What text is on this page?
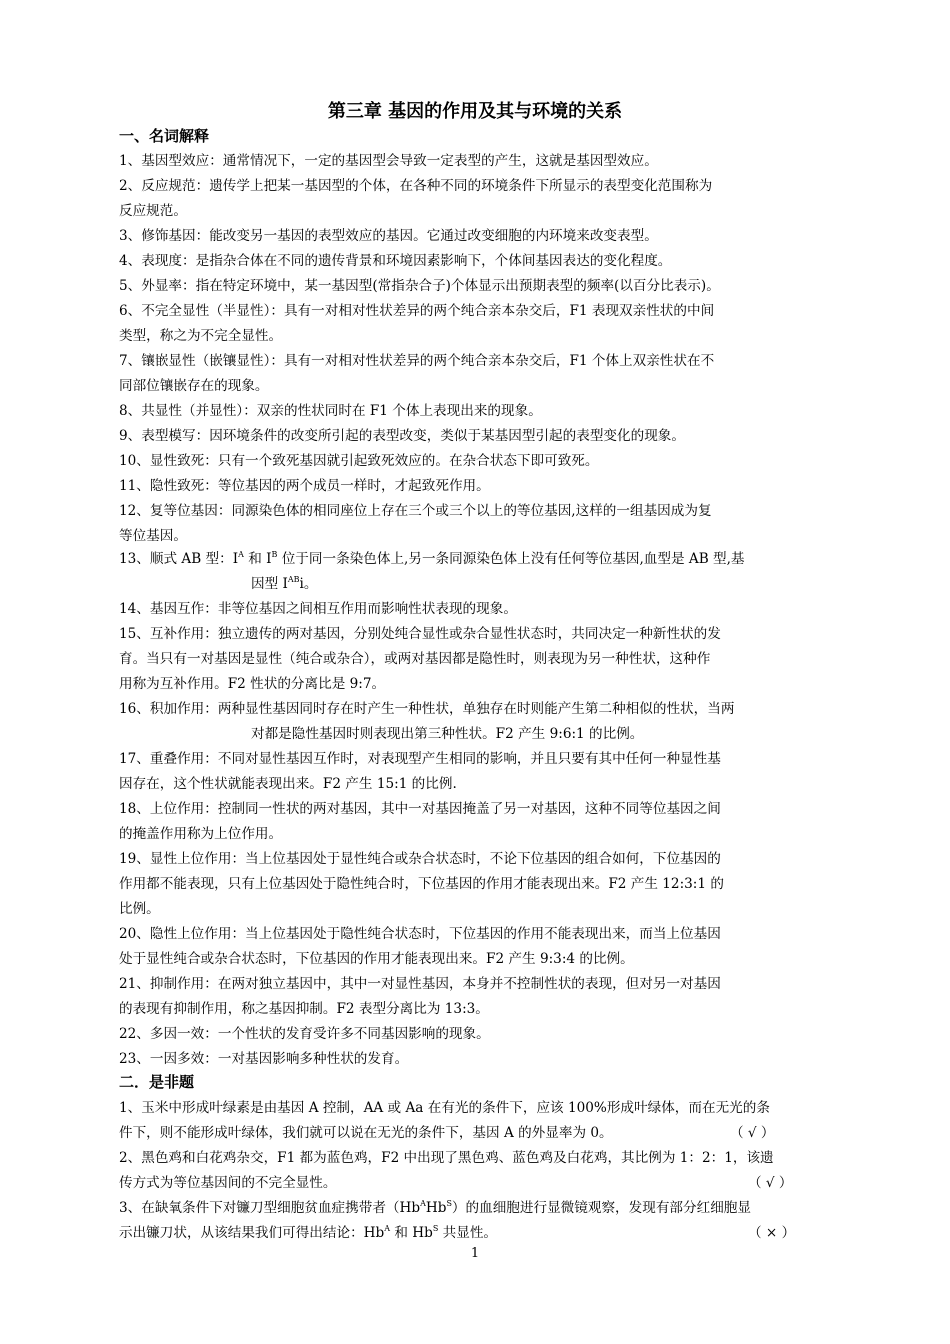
第三章 基因的作用及其与环境的关系
一、名词解释
1、基因型效应：通常情况下，一定的基因型会导致一定表型的产生，这就是基因型效应。
2、反应规范：遗传学上把某一基因型的个体，在各种不同的环境条件下所显示的表型变化范围称为
反应规范。
3、修饰基因：能改变另一基因的表型效应的基因。它通过改变细胞的内环境来改变表型。
4、表现度：是指杂合体在不同的遗传背景和环境因素影响下，个体间基因表达的变化程度。
5、外显率：指在特定环境中，某一基因型(常指杂合子)个体显示出预期表型的频率(以百分比表示)。
6、不完全显性（半显性）：具有一对相对性状差异的两个纯合亲本杂交后，F1 表现双亲性状的中间
类型，称之为不完全显性。
7、镶嵌显性（嵌镶显性）：具有一对相对性状差异的两个纯合亲本杂交后，F1 个体上双亲性状在不
同部位镶嵌存在的现象。
8、共显性（并显性）：双亲的性状同时在 F1 个体上表现出来的现象。
9、表型模写：因环境条件的改变所引起的表型改变，类似于某基因型引起的表型变化的现象。
10、显性致死：只有一个致死基因就引起致死效应的。在杂合状态下即可致死。
11、隐性致死：等位基因的两个成员一样时，才起致死作用。
12、复等位基因：同源染色体的相同座位上存在三个或三个以上的等位基因,这样的一组基因成为复
等位基因。
13、顺式 AB 型：$I^A$ 和 $I^B$ 位于同一条染色体上,另一条同源染色体上没有任何等位基因,血型是 AB 型,基
因型 $I^{AB}i$。
14、基因互作：非等位基因之间相互作用而影响性状表现的现象。
15、互补作用：独立遗传的两对基因，分别处纯合显性或杂合显性状态时，共同决定一种新性状的发
育。当只有一对基因是显性（纯合或杂合），或两对基因都是隐性时，则表现为另一种性状，这种作
用称为互补作用。F2 性状的分离比是 9:7。
16、积加作用：两种显性基因同时存在时产生一种性状，单独存在时则能产生第二种相似的性状，当两
对都是隐性基因时则表现出第三种性状。F2 产生 9:6:1 的比例。
17、重叠作用：不同对显性基因互作时，对表现型产生相同的影响，并且只要有其中任何一种显性基
因存在，这个性状就能表现出来。F2 产生 15:1 的比例.
18、上位作用：控制同一性状的两对基因，其中一对基因掩盖了另一对基因，这种不同等位基因之间
的掩盖作用称为上位作用。
19、显性上位作用：当上位基因处于显性纯合或杂合状态时，不论下位基因的组合如何，下位基因的
作用都不能表现，只有上位基因处于隐性纯合时，下位基因的作用才能表现出来。F2 产生 12:3:1 的
比例。
20、隐性上位作用：当上位基因处于隐性纯合状态时，下位基因的作用不能表现出来，而当上位基因
处于显性纯合或杂合状态时，下位基因的作用才能表现出来。F2 产生 9:3:4 的比例。
21、抑制作用：在两对独立基因中，其中一对显性基因，本身并不控制性状的表现，但对另一对基因
的表现有抑制作用，称之基因抑制。F2 表型分离比为 13:3。
22、多因一效：一个性状的发育受许多不同基因影响的现象。
23、一因多效：一对基因影响多种性状的发育。
二．是非题
1、玉米中形成叶绿素是由基因 A 控制，AA 或 Aa 在有光的条件下，应该 100%形成叶绿体，而在无光的条
件下，则不能形成叶绿体，我们就可以说在无光的条件下，基因 A 的外显率为 0。	（ √ ）
2、黑色鸡和白花鸡杂交，F1 都为蓝色鸡，F2 中出现了黑色鸡、蓝色鸡及白花鸡，其比例为 1：2：1，该遗
传方式为等位基因间的不完全显性。	（ √ ）
3、在缺氧条件下对镰刀型细胞贫血症携带者$(Hb^AHb^S)$的血细胞进行显微镜观察，发现有部分红细胞显
示出镰刀状，从该结果我们可得出结论：$Hb^A$ 和 $Hb^S$ 共显性。	（ × ）
1
